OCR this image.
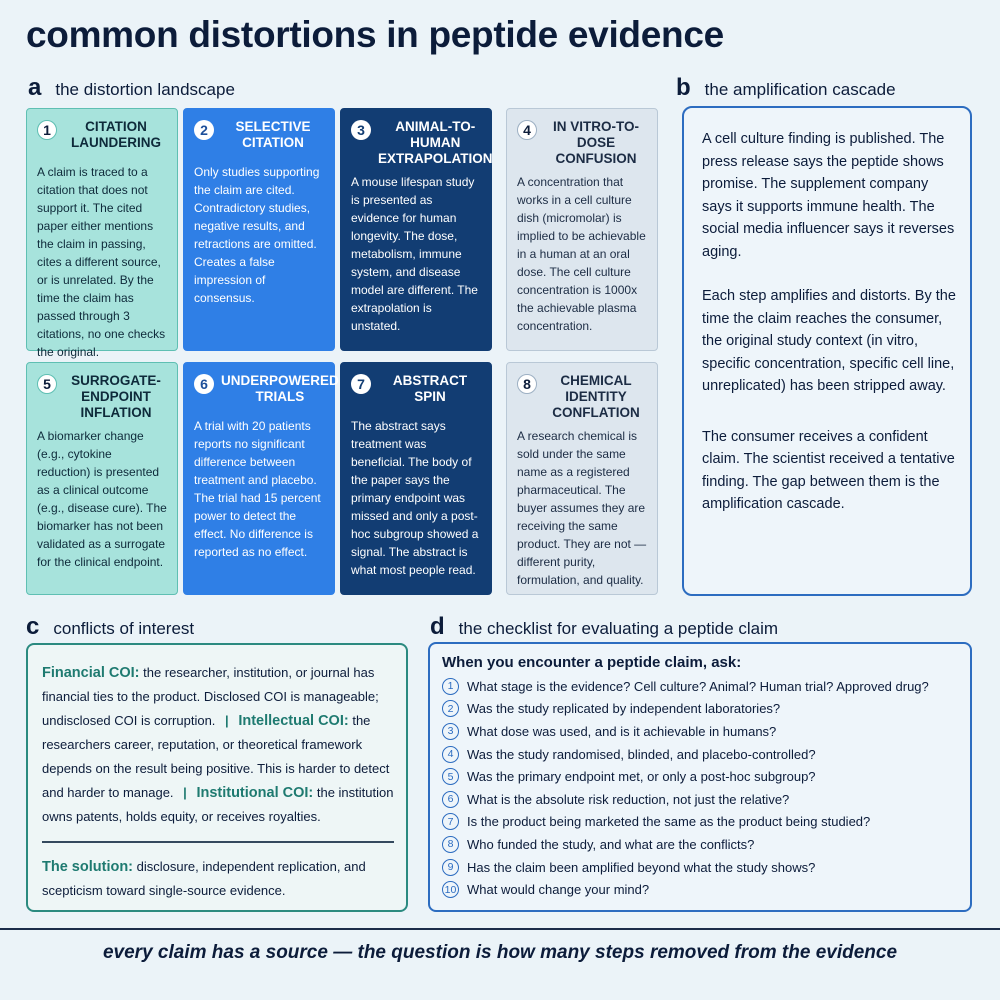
common distortions in peptide evidence
a the distortion landscape
1	CITATION LAUNDERING
A claim is traced to a citation that does not support it. The cited paper either mentions the claim in passing, cites a different source, or is unrelated. By the time the claim has passed through 3 citations, no one checks the original.
2	SELECTIVE CITATION
Only studies supporting the claim are cited. Contradictory studies, negative results, and retractions are omitted. Creates a false impression of consensus.
3	ANIMAL-TO-HUMAN EXTRAPOLATION
A mouse lifespan study is presented as evidence for human longevity. The dose, metabolism, immune system, and disease model are different. The extrapolation is unstated.
4	IN VITRO-TO-DOSE CONFUSION
A concentration that works in a cell culture dish (micromolar) is implied to be achievable in a human at an oral dose. The cell culture concentration is 1000x the achievable plasma concentration.
5	SURROGATE-ENDPOINT INFLATION
A biomarker change (e.g., cytokine reduction) is presented as a clinical outcome (e.g., disease cure). The biomarker has not been validated as a surrogate for the clinical endpoint.
6 UNDERPOWERED TRIALS
A trial with 20 patients reports no significant difference between treatment and placebo. The trial had 15 percent power to detect the effect. No difference is reported as no effect.
7	ABSTRACT SPIN
The abstract says treatment was beneficial. The body of the paper says the primary endpoint was missed and only a post-hoc subgroup showed a signal. The abstract is what most people read.
8	CHEMICAL IDENTITY CONFLATION
A research chemical is sold under the same name as a registered pharmaceutical. The buyer assumes they are receiving the same product. They are not — different purity, formulation, and quality.
b the amplification cascade

A cell culture finding is published. The press release says the peptide shows promise. The supplement company says it supports immune health. The social media influencer says it reverses aging.

Each step amplifies and distorts. By the time the claim reaches the consumer, the original study context (in vitro, specific concentration, specific cell line, unreplicated) has been stripped away.

The consumer receives a confident claim. The scientist received a tentative finding. The gap between them is the amplification cascade.

c conflicts of interest
Financial COI: the researcher, institution, or journal has financial ties to the product. Disclosed COI is manageable; undisclosed COI is corruption. | Intellectual COI: the researchers career, reputation, or theoretical framework depends on the result being positive. This is harder to detect and harder to manage. | Institutional COI: the institution owns patents, holds equity, or receives royalties.
The solution: disclosure, independent replication, and scepticism toward single-source evidence.
d the checklist for evaluating a peptide claim
When you encounter a peptide claim, ask:
1	What stage is the evidence? Cell culture? Animal? Human trial? Approved drug?
2	Was the study replicated by independent laboratories?
3	What dose was used, and is it achievable in humans?
4	Was the study randomised, blinded, and placebo-controlled?
5	Was the primary endpoint met, or only a post-hoc subgroup?
6	What is the absolute risk reduction, not just the relative?
7	Is the product being marketed the same as the product being studied?
8	Who funded the study, and what are the conflicts?
9	Has the claim been amplified beyond what the study shows?
10 What would change your mind?
every claim has a source — the question is how many steps removed from the evidence
